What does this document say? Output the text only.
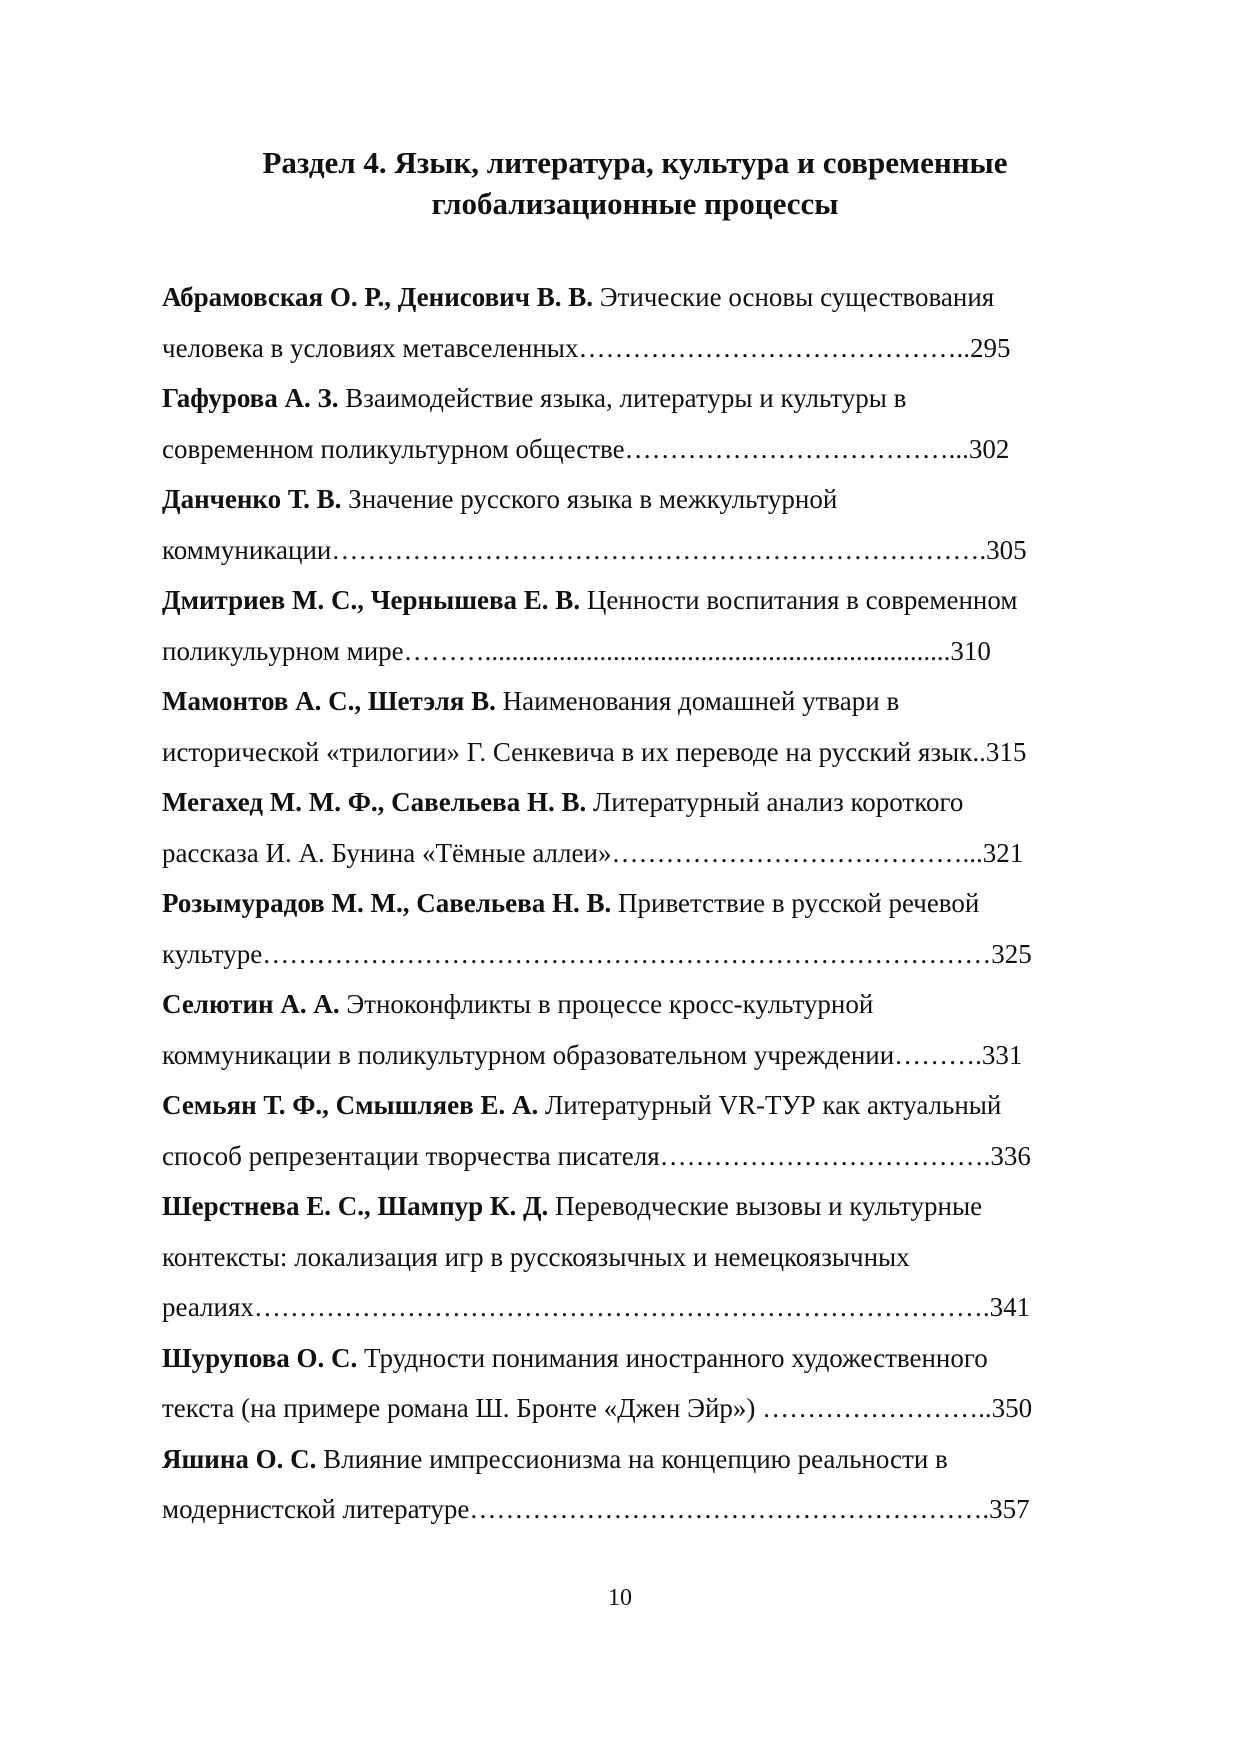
Раздел 4. Язык, литература, культура и современные
глобализационные процессы
Абрамовская О. Р., Денисович В. В. Этические основы существования
человека в условиях метавселенных……………………………………..295
Гафурова А. З. Взаимодействие языка, литературы и культуры в
современном поликультурном обществе………………………………...302
Данченко Т. В. Значение русского языка в межкультурной
коммуникации……………………………………………………………….305
Дмитриев М. С., Чернышева Е. В. Ценности воспитания в современном
поликульурном мире……….....................................................................310
Мамонтов А. С., Шетэля В. Наименования домашней утвари в
исторической «трилогии» Г. Сенкевича в их переводе на русский язык..315
Мегахед М. М. Ф., Савельева Н. В. Литературный анализ короткого
рассказа И. А. Бунина «Тёмные аллеи»…………………………………...321
Розымурадов М. М., Савельева Н. В. Приветствие в русской речевой
культуре………………………………………………………………………325
Селютин А. А. Этноконфликты в процессе кросс-культурной
коммуникации в поликультурном образовательном учреждении……….331
Семьян Т. Ф., Смышляев Е. А. Литературный VR-ТУР как актуальный
способ репрезентации творчества писателя……………………………….336
Шерстнева Е. С., Шампур К. Д. Переводческие вызовы и культурные
контексты: локализация игр в русскоязычных и немецкоязычных
реалиях……………………………………………………………………….341
Шурупова О. С. Трудности понимания иностранного художественного
текста (на примере романа Ш. Бронте «Джен Эйр») ……………………..350
Яшина О. С. Влияние импрессионизма на концепцию реальности в
модернистской литературе………………………………………………….357
10
